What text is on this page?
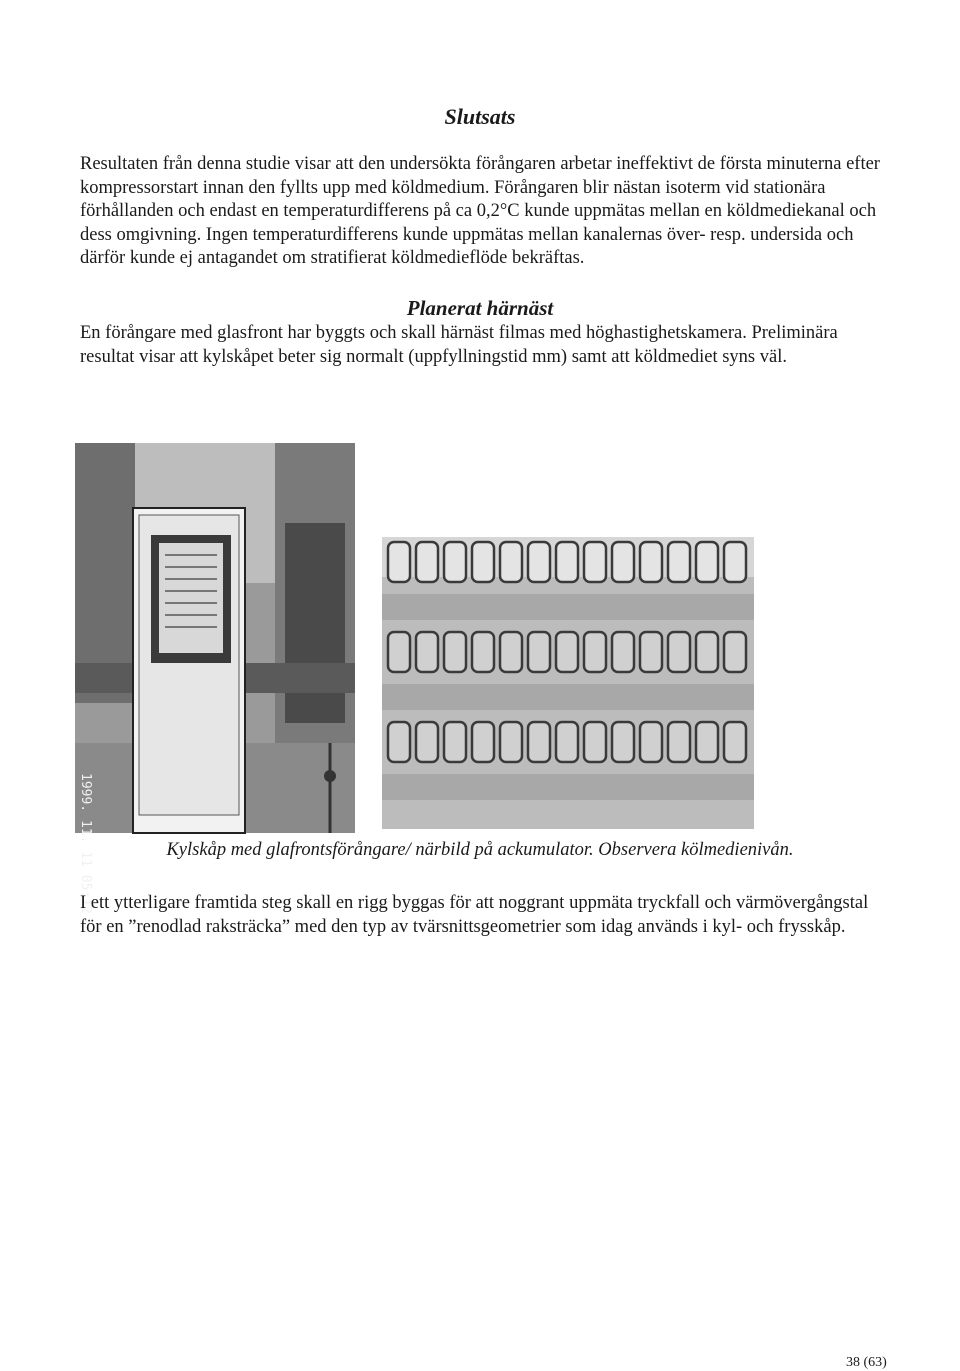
Slutsats

Resultaten från denna studie visar att den undersökta förångaren arbetar ineffektivt de första minuterna efter kompressorstart innan den fyllts upp med köldmedium. Förångaren blir nästan isoterm vid stationära förhållanden och endast en temperaturdifferens på ca 0,2°C kunde uppmätas mellan en köldmediekanal och dess omgivning. Ingen temperaturdifferens kunde uppmätas mellan kanalernas över- resp. undersida och därför kunde ej antagandet om stratifierat köldmedieflöde bekräftas.

Planerat härnäst

En förångare med glasfront har byggts och skall härnäst filmas med höghastighetskamera. Preliminära resultat visar att kylskåpet beter sig normalt (uppfyllningstid mm) samt att köldmediet syns väl.

1999. 11. 11 05:12	Kylskåp med glafrontsförångare/ närbild på ackumulator. Observera kölmedienivån.

I ett ytterligare framtida steg skall en rigg byggas för att noggrant uppmäta tryckfall och värmövergångstal för en ”renodlad raksträcka” med den typ av tvärsnittsgeometrier som idag används i kyl- och frysskåp.

38 (63)
